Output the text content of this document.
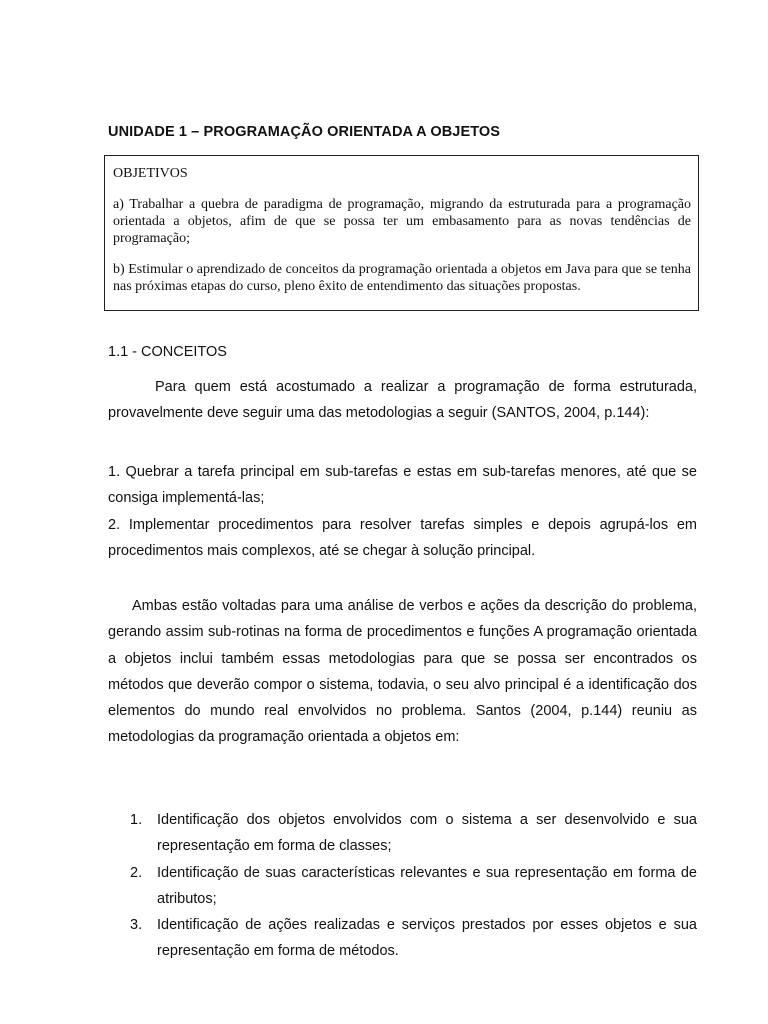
UNIDADE 1 – PROGRAMAÇÃO ORIENTADA A OBJETOS

OBJETIVOS

a) Trabalhar a quebra de paradigma de programação, migrando da estruturada para a programação orientada a objetos, afim de que se possa ter um embasamento para as novas tendências de programação;

b) Estimular o aprendizado de conceitos da programação orientada a objetos em Java para que se tenha nas próximas etapas do curso, pleno êxito de entendimento das situações propostas.

1.1 - CONCEITOS

Para quem está acostumado a realizar a programação de forma estruturada, provavelmente deve seguir uma das metodologias a seguir (SANTOS, 2004, p.144):

1. Quebrar a tarefa principal em sub-tarefas e estas em sub-tarefas menores, até que se consiga implementá-las;

2. Implementar procedimentos para resolver tarefas simples e depois agrupá-los em procedimentos mais complexos, até se chegar à solução principal.

Ambas estão voltadas para uma análise de verbos e ações da descrição do problema, gerando assim sub-rotinas na forma de procedimentos e funções A programação orientada a objetos inclui também essas metodologias para que se possa ser encontrados os métodos que deverão compor o sistema, todavia, o seu alvo principal é a identificação dos elementos do mundo real envolvidos no problema. Santos (2004, p.144) reuniu as metodologias da programação orientada a objetos em:

1. Identificação dos objetos envolvidos com o sistema a ser desenvolvido e sua representação em forma de classes;
2. Identificação de suas características relevantes e sua representação em forma de atributos;
3. Identificação de ações realizadas e serviços prestados por esses objetos e sua representação em forma de métodos.
